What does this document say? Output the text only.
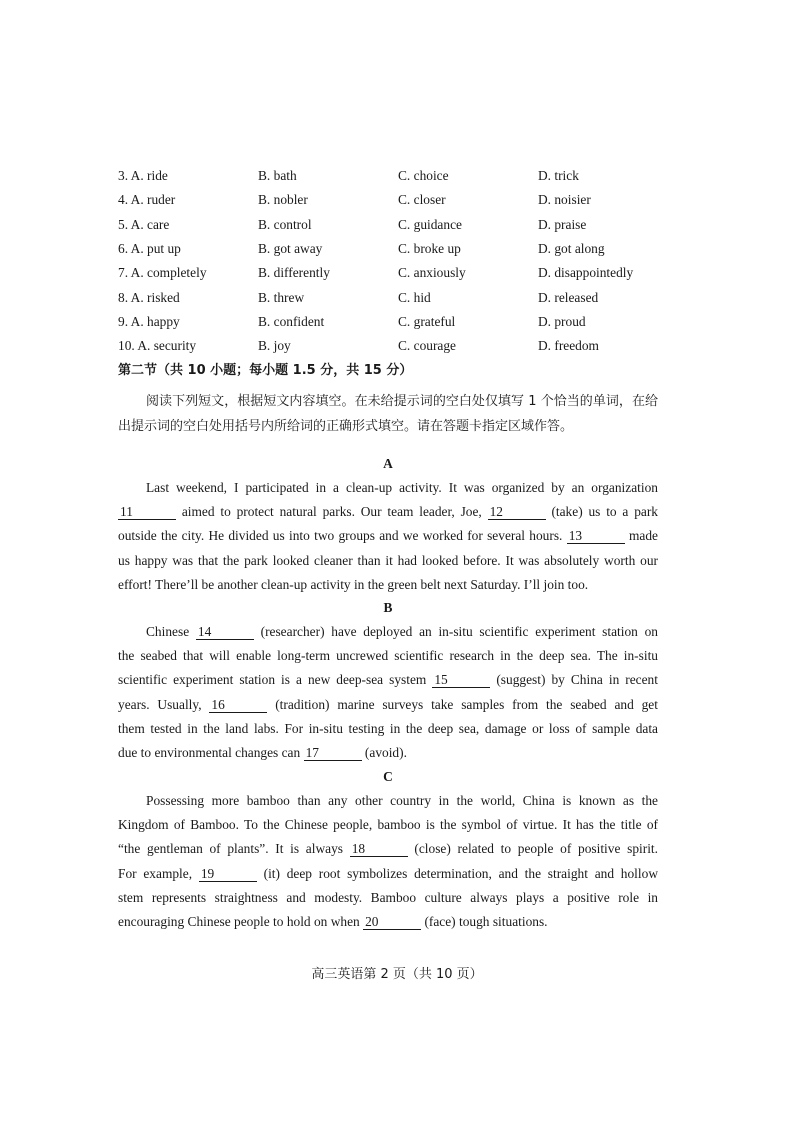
3. A. ride	B. bath	C. choice	D. trick
4. A. ruder	B. nobler	C. closer	D. noisier
5. A. care	B. control	C. guidance	D. praise
6. A. put up	B. got away	C. broke up	D. got along
7. A. completely	B. differently	C. anxiously	D. disappointedly
8. A. risked	B. threw	C. hid	D. released
9. A. happy	B. confident	C. grateful	D. proud
10. A. security	B. joy	C. courage	D. freedom
第二节（共 10 小题；每小题 1.5 分，共 15 分）

阅读下列短文，根据短文内容填空。在未给提示词的空白处仅填写 1 个恰当的单词，在给出提示词的空白处用括号内所给词的正确形式填空。请在答题卡指定区域作答。

A
Last weekend, I participated in a clean-up activity. It was organized by an organization
11	aimed to protect natural parks. Our team leader, Joe, 12	(take) us to a park
outside the city. He divided us into two groups and we worked for several hours. 13	made
us happy was that the park looked cleaner than it had looked before. It was absolutely worth our
effort! There’ll be another clean-up activity in the green belt next Saturday. I’ll join too.
B
Chinese 14	(researcher) have deployed an in-situ scientific experiment station on
the seabed that will enable long-term uncrewed scientific research in the deep sea. The in-situ
scientific experiment station is a new deep-sea system 15	(suggest) by China in recent
years. Usually, 16	(tradition) marine surveys take samples from the seabed and get
them tested in the land labs. For in-situ testing in the deep sea, damage or loss of sample data
due to environmental changes can 17	(avoid).
C
Possessing more bamboo than any other country in the world, China is known as the
Kingdom of Bamboo. To the Chinese people, bamboo is the symbol of virtue. It has the title of
“the gentleman of plants”. It is always 18	(close) related to people of positive spirit.
For example, 19	(it) deep root symbolizes determination, and the straight and hollow
stem represents straightness and modesty. Bamboo culture always plays a positive role in
encouraging Chinese people to hold on when 20	(face) tough situations.
高三英语第 2 页（共 10 页）
